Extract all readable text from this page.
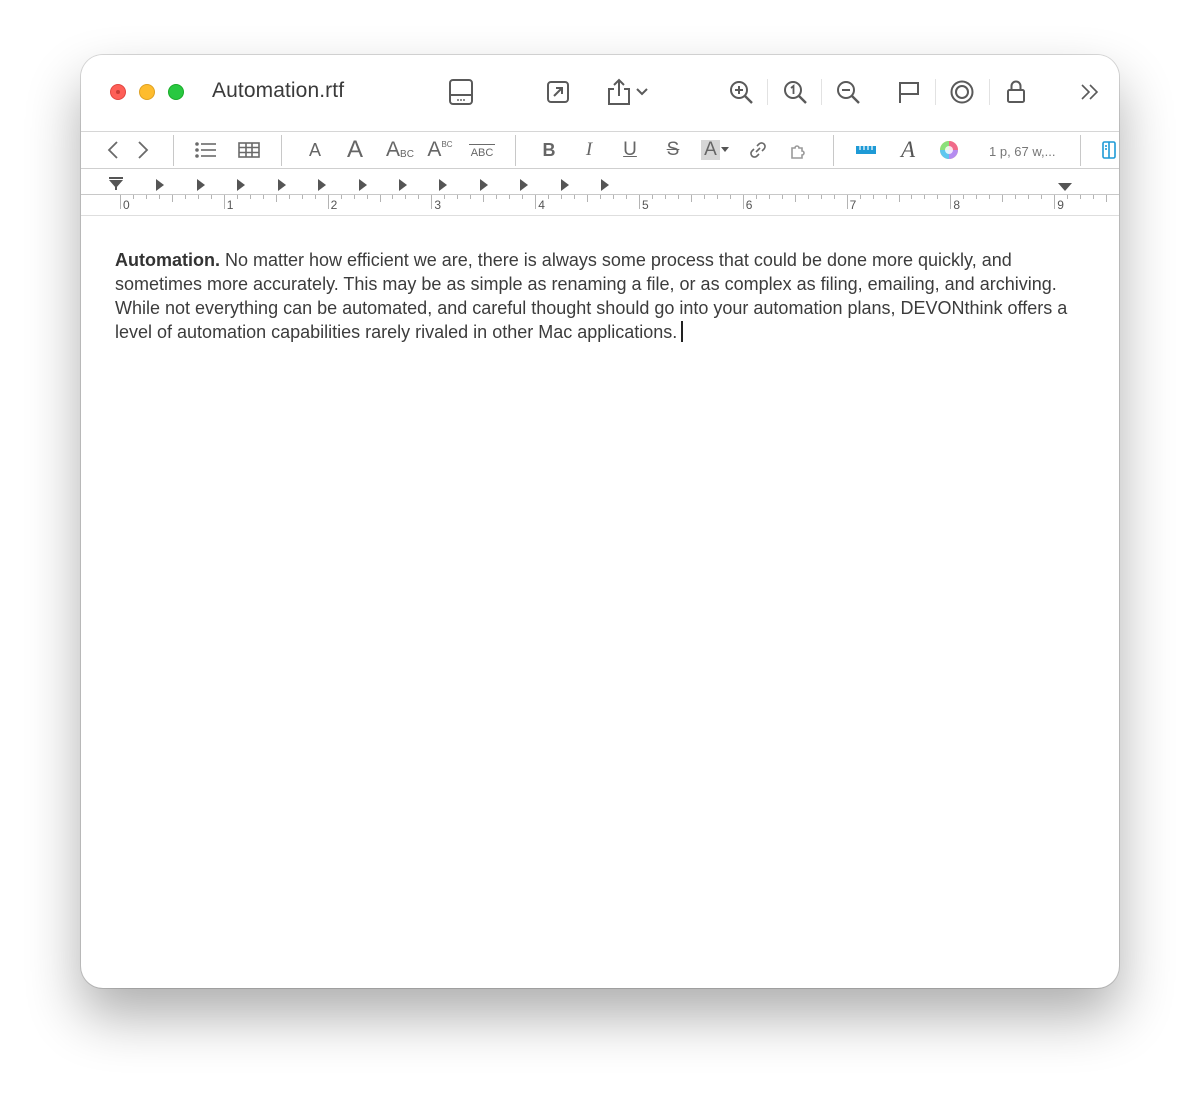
Automation.rtf
A A A BC A BC
ABC	B I U S A	A	1 p, 67 w,...
0	1	2	3	4	5	6	7	8	9
Automation. No matter how efficient we are, there is always some process that could be done more quickly, and sometimes more accurately. This may be as simple as renaming a file, or as complex as filing, emailing, and archiving. While not everything can be automated, and careful thought should go into your automation plans, DEVONthink offers a level of automation capabilities rarely rivaled in other Mac applications.
